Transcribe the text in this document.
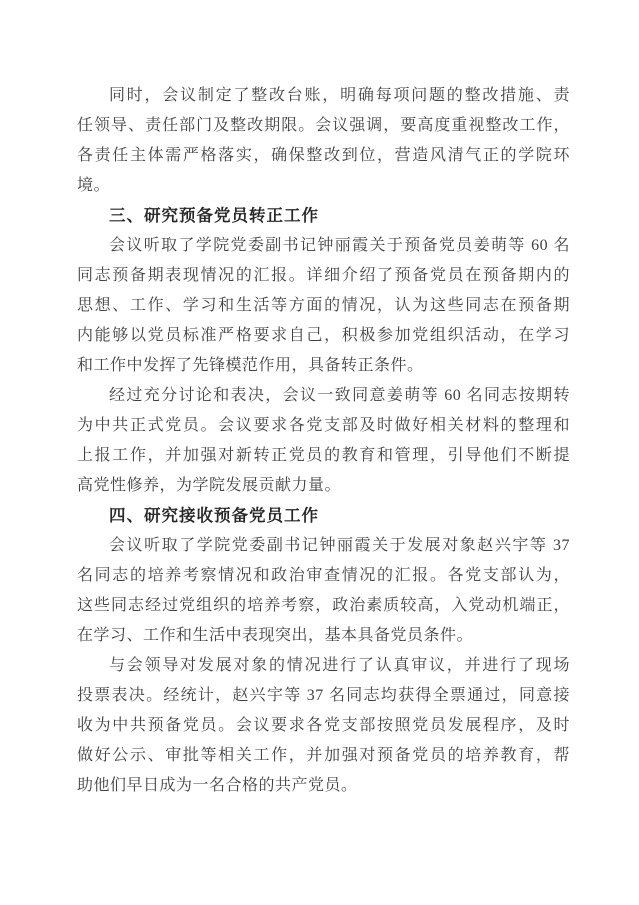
同时，会议制定了整改台账，明确每项问题的整改措施、责
任领导、责任部门及整改期限。会议强调，要高度重视整改工作，
各责任主体需严格落实，确保整改到位，营造风清气正的学院环
境。
三、研究预备党员转正工作
会议听取了学院党委副书记钟丽霞关于预备党员姜萌等 60 名
同志预备期表现情况的汇报。详细介绍了预备党员在预备期内的
思想、工作、学习和生活等方面的情况，认为这些同志在预备期
内能够以党员标准严格要求自己，积极参加党组织活动，在学习
和工作中发挥了先锋模范作用，具备转正条件。
经过充分讨论和表决，会议一致同意姜萌等 60 名同志按期转
为中共正式党员。会议要求各党支部及时做好相关材料的整理和
上报工作，并加强对新转正党员的教育和管理，引导他们不断提
高党性修养，为学院发展贡献力量。
四、研究接收预备党员工作
会议听取了学院党委副书记钟丽霞关于发展对象赵兴宇等 37
名同志的培养考察情况和政治审查情况的汇报。各党支部认为，
这些同志经过党组织的培养考察，政治素质较高，入党动机端正，
在学习、工作和生活中表现突出，基本具备党员条件。
与会领导对发展对象的情况进行了认真审议，并进行了现场
投票表决。经统计，赵兴宇等 37 名同志均获得全票通过，同意接
收为中共预备党员。会议要求各党支部按照党员发展程序，及时
做好公示、审批等相关工作，并加强对预备党员的培养教育，帮
助他们早日成为一名合格的共产党员。
